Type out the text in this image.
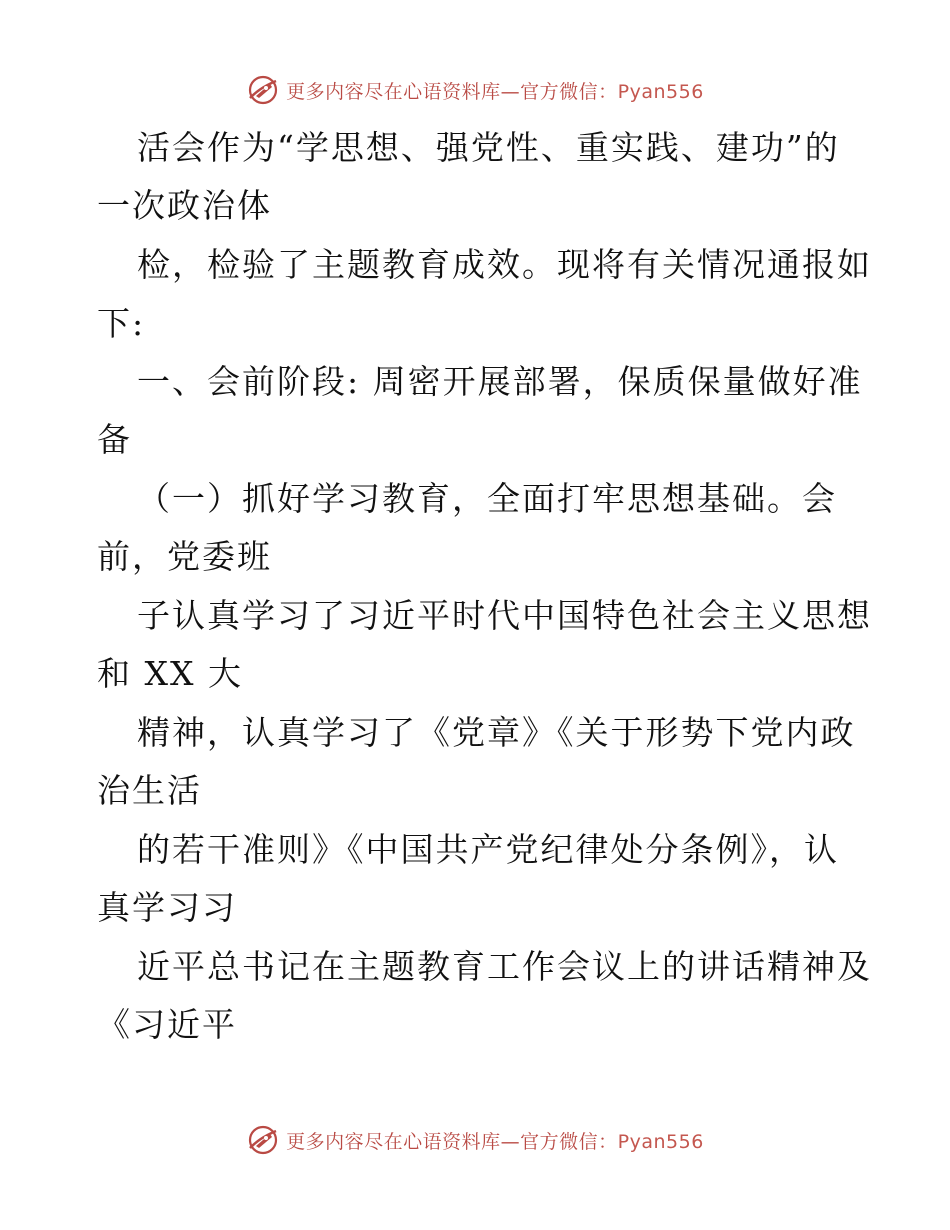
更多内容尽在心语资料库—官方微信：Pyan556
活会作为“学思想、强党性、重实践、建功”的
一次政治体
检，检验了主题教育成效。现将有关情况通报如
下:
一、会前阶段: 周密开展部署，保质保量做好准
备
（一）抓好学习教育，全面打牢思想基础。会
前，党委班
子认真学习了习近平时代中国特色社会主义思想
和 XX 大
精神，认真学习了《党章》《关于形势下党内政
治生活
的若干准则》《中国共产党纪律处分条例》，认
真学习习
近平总书记在主题教育工作会议上的讲话精神及
《习近平
更多内容尽在心语资料库—官方微信：Pyan556
